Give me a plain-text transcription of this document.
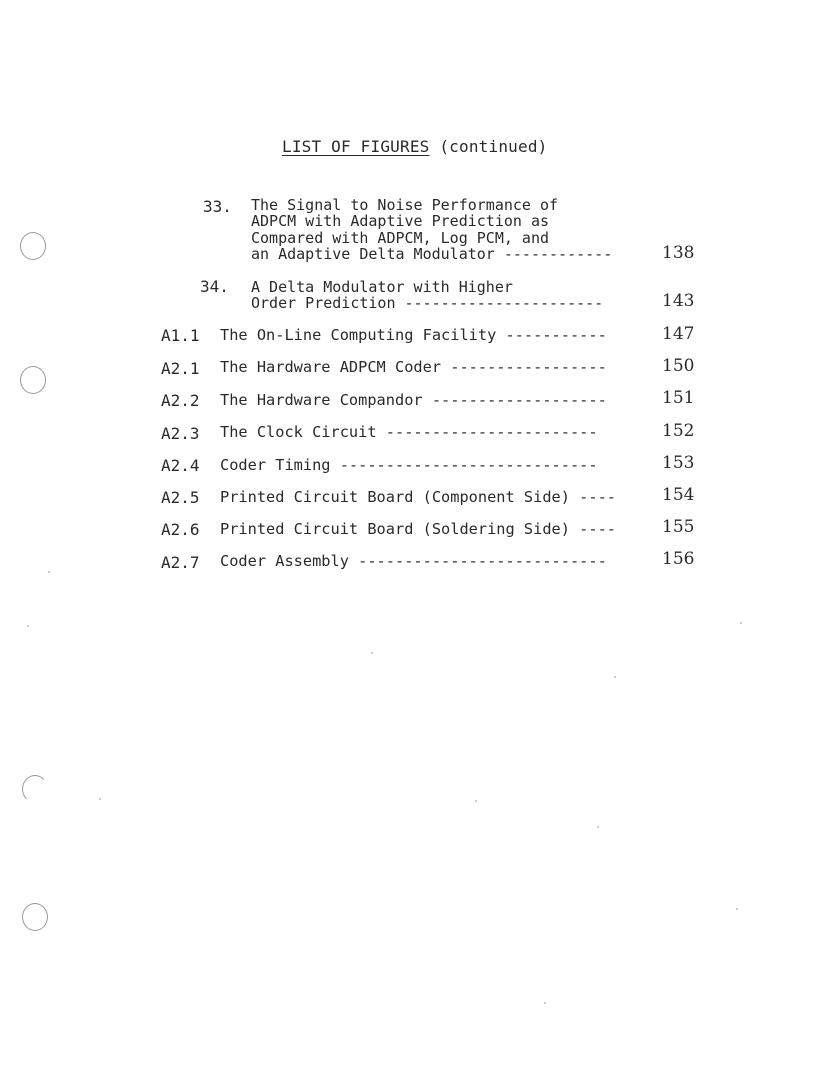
LIST OF FIGURES (continued)
33. The Signal to Noise Performance of
ADPCM with Adaptive Prediction as
Compared with ADPCM, Log PCM, and
an Adaptive Delta Modulator ------------	138
34. A Delta Modulator with Higher
Order Prediction ----------------------	143
A1.1 The On-Line Computing Facility -----------	147
A2.1 The Hardware ADPCM Coder -----------------	150
A2.2 The Hardware Compandor -------------------	151
A2.3 The Clock Circuit -----------------------	152
A2.4 Coder Timing ----------------------------	153
A2.5 Printed Circuit Board (Component Side) ----	154
A2.6 Printed Circuit Board (Soldering Side) ----	155
A2.7 Coder Assembly ---------------------------	156
